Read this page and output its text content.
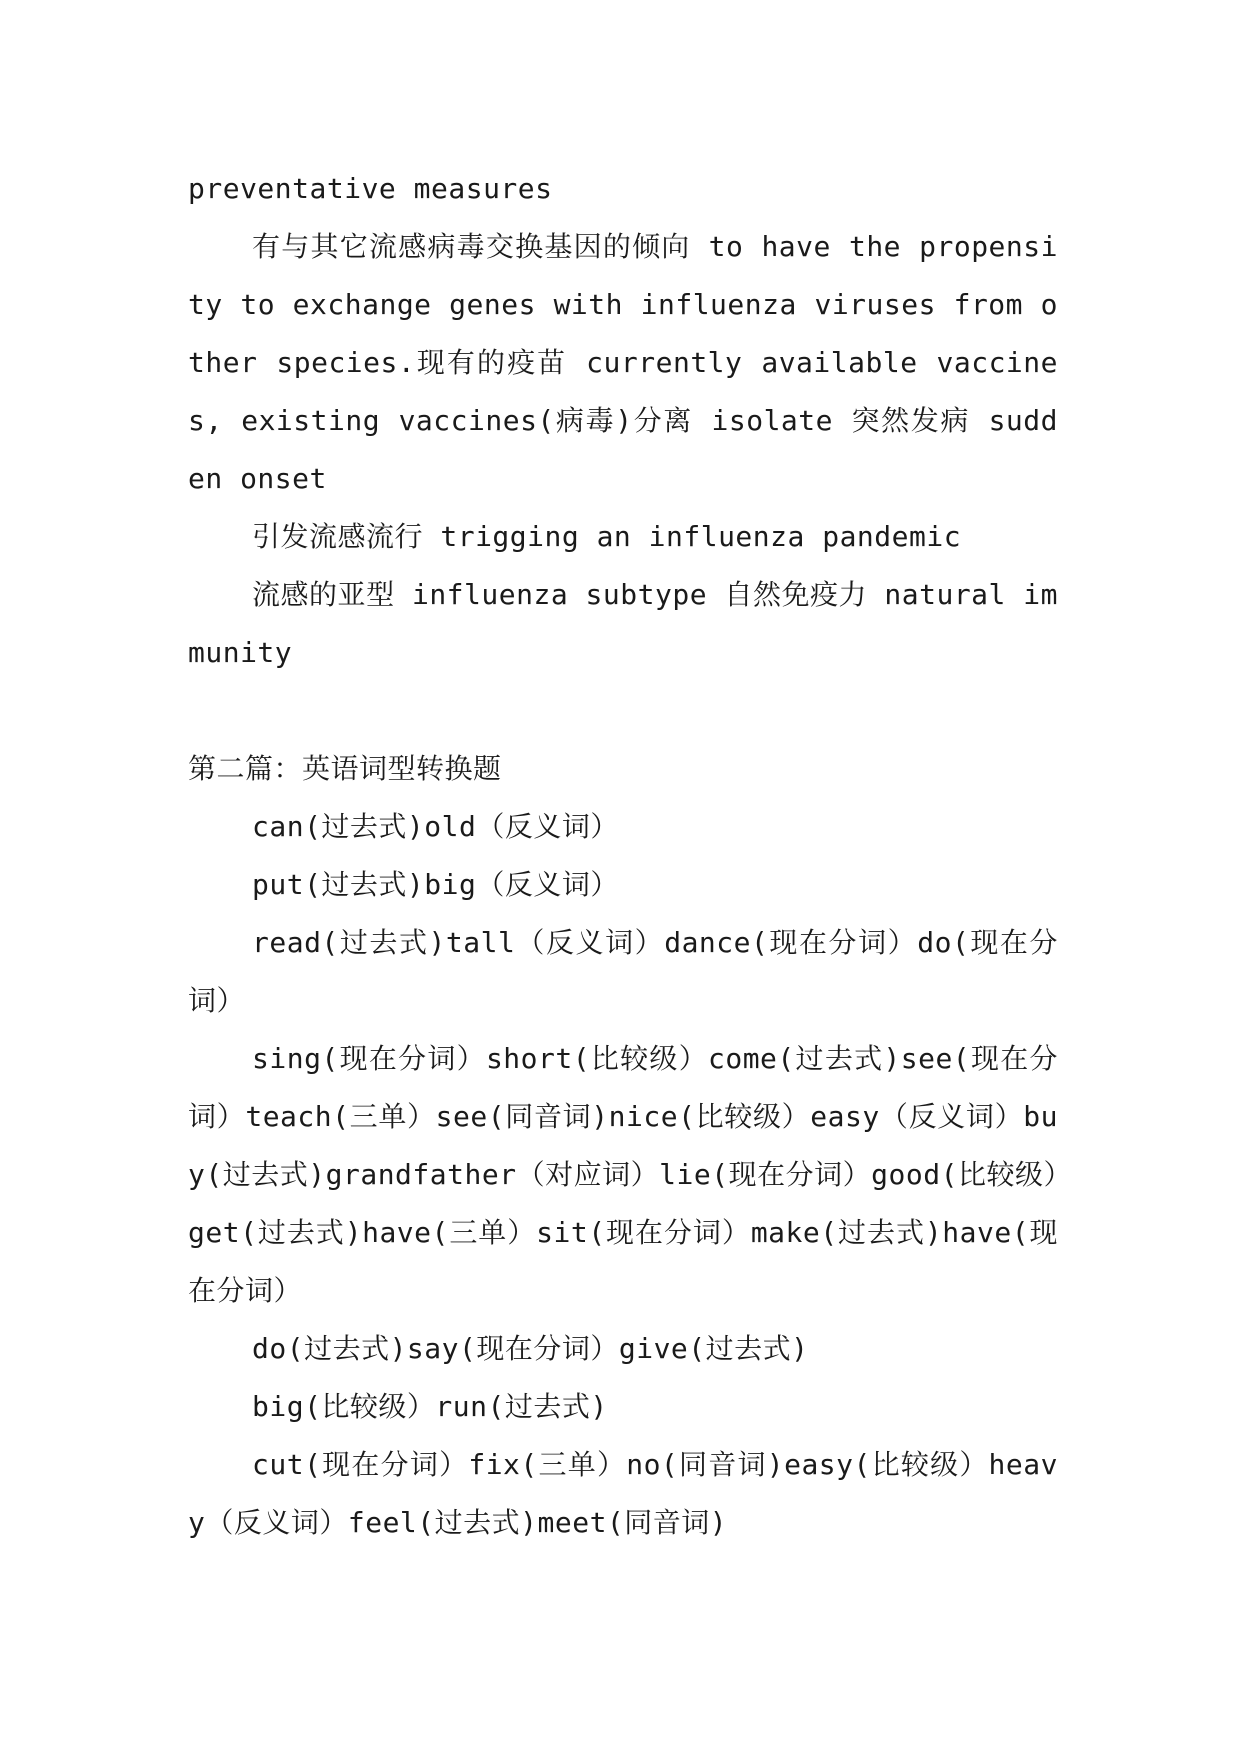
preventative measures

有与其它流感病毒交换基因的倾向 to have the propensity to exchange genes with influenza viruses from other species.现有的疫苗 currently available vaccines, existing vaccines(病毒)分离 isolate 突然发病 sudden onset

引发流感流行 trigging an influenza pandemic

流感的亚型 influenza subtype 自然免疫力 natural immunity

第二篇：英语词型转换题

can(过去式)old（反义词）

put(过去式)big（反义词）

read(过去式)tall（反义词）dance(现在分词）do(现在分词）

sing(现在分词）short(比较级）come(过去式)see(现在分词）teach(三单）see(同音词)nice(比较级）easy（反义词）buy(过去式)grandfather（对应词）lie(现在分词）good(比较级）get(过去式)have(三单）sit(现在分词）make(过去式)have(现在分词）

do(过去式)say(现在分词）give(过去式)

big(比较级）run(过去式)

cut(现在分词）fix(三单）no(同音词)easy(比较级）heavy（反义词）feel(过去式)meet(同音词)
